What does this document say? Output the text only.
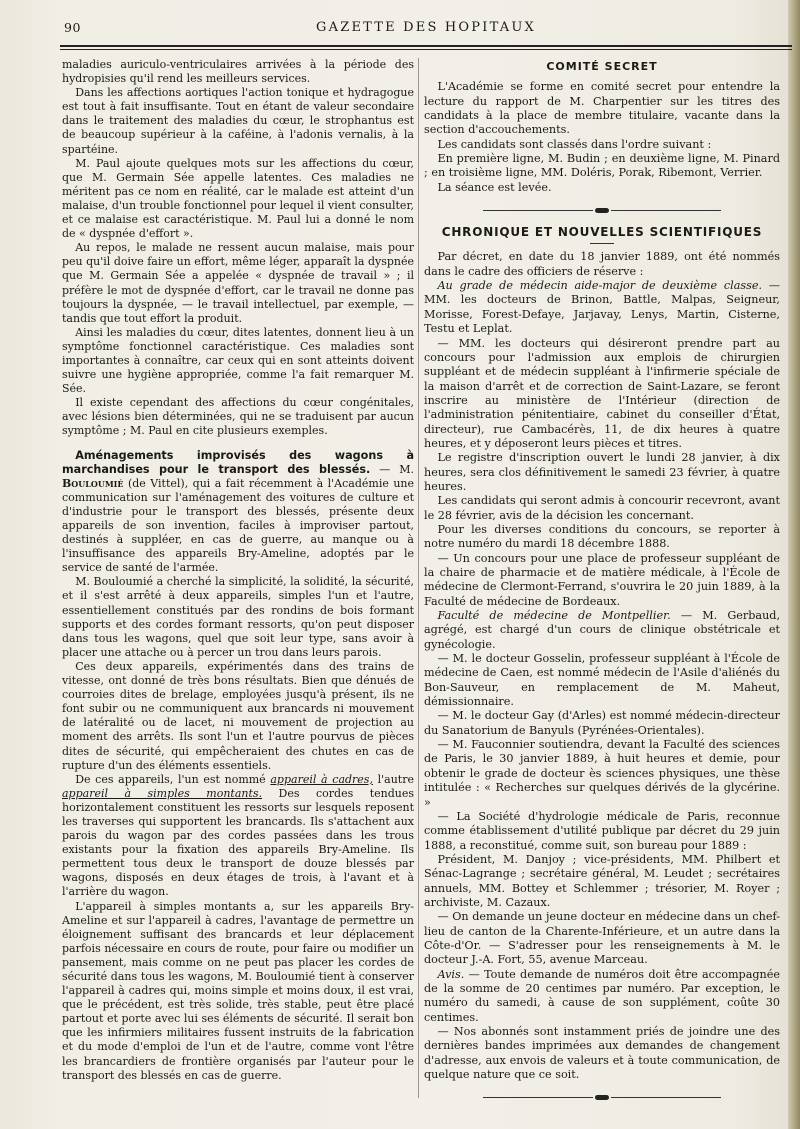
90	GAZETTE DES HOPITAUX

maladies auriculo-ventriculaires arrivées à la période des hydropisies qu'il rend les meilleurs services.

Dans les affections aortiques l'action tonique et hydragogue est tout à fait insuffisante. Tout en étant de valeur secondaire dans le traitement des maladies du cœur, le strophantus est de beaucoup supérieur à la caféine, à l'adonis vernalis, à la spartéine.

M. Paul ajoute quelques mots sur les affections du cœur, que M. Germain Sée appelle latentes. Ces maladies ne méritent pas ce nom en réalité, car le malade est atteint d'un malaise, d'un trouble fonctionnel pour lequel il vient consulter, et ce malaise est caractéristique. M. Paul lui a donné le nom de « dyspnée d'effort ».

Au repos, le malade ne ressent aucun malaise, mais pour peu qu'il doive faire un effort, même léger, apparaît la dyspnée que M. Germain Sée a appelée « dyspnée de travail » ; il préfère le mot de dyspnée d'effort, car le travail ne donne pas toujours la dyspnée, — le travail intellectuel, par exemple, — tandis que tout effort la produit.

Ainsi les maladies du cœur, dites latentes, donnent lieu à un symptôme fonctionnel caractéristique. Ces maladies sont importantes à connaître, car ceux qui en sont atteints doivent suivre une hygiène appropriée, comme l'a fait remarquer M. Sée.

Il existe cependant des affections du cœur congénitales, avec lésions bien déterminées, qui ne se traduisent par aucun symptôme ; M. Paul en cite plusieurs exemples.

Aménagements improvisés des wagons à marchandises pour le transport des blessés. — M. Bouloumié (de Vittel), qui a fait récemment à l'Académie une communication sur l'aménagement des voitures de culture et d'industrie pour le transport des blessés, présente deux appareils de son invention, faciles à improviser partout, destinés à suppléer, en cas de guerre, au manque ou à l'insuffisance des appareils Bry-Ameline, adoptés par le service de santé de l'armée.

M. Bouloumié a cherché la simplicité, la solidité, la sécurité, et il s'est arrêté à deux appareils, simples l'un et l'autre, essentiellement constitués par des rondins de bois formant supports et des cordes formant ressorts, qu'on peut disposer dans tous les wagons, quel que soit leur type, sans avoir à placer une attache ou à percer un trou dans leurs parois.

Ces deux appareils, expérimentés dans des trains de vitesse, ont donné de très bons résultats. Bien que dénués de courroies dites de brelage, employées jusqu'à présent, ils ne font subir ou ne communiquent aux brancards ni mouvement de latéralité ou de lacet, ni mouvement de projection au moment des arrêts. Ils sont l'un et l'autre pourvus de pièces dites de sécurité, qui empêcheraient des chutes en cas de rupture d'un des éléments essentiels.

De ces appareils, l'un est nommé appareil à cadres, l'autre appareil à simples montants. Des cordes tendues horizontalement constituent les ressorts sur lesquels reposent les traverses qui supportent les brancards. Ils s'attachent aux parois du wagon par des cordes passées dans les trous existants pour la fixation des appareils Bry-Ameline. Ils permettent tous deux le transport de douze blessés par wagons, disposés en deux étages de trois, à l'avant et à l'arrière du wagon.

L'appareil à simples montants a, sur les appareils Bry-Ameline et sur l'appareil à cadres, l'avantage de permettre un éloignement suffisant des brancards et leur déplacement parfois nécessaire en cours de route, pour faire ou modifier un pansement, mais comme on ne peut pas placer les cordes de sécurité dans tous les wagons, M. Bouloumié tient à conserver l'appareil à cadres qui, moins simple et moins doux, il est vrai, que le précédent, est très solide, très stable, peut être placé partout et porte avec lui ses éléments de sécurité. Il serait bon que les infirmiers militaires fussent instruits de la fabrication et du mode d'emploi de l'un et de l'autre, comme vont l'être les brancardiers de frontière organisés par l'auteur pour le transport des blessés en cas de guerre.

COMITÉ SECRET

L'Académie se forme en comité secret pour entendre la lecture du rapport de M. Charpentier sur les titres des candidats à la place de membre titulaire, vacante dans la section d'accouchements.

Les candidats sont classés dans l'ordre suivant :

En première ligne, M. Budin ; en deuxième ligne, M. Pinard ; en troisième ligne, MM. Doléris, Porak, Ribemont, Verrier.

La séance est levée.

CHRONIQUE ET NOUVELLES SCIENTIFIQUES

Par décret, en date du 18 janvier 1889, ont été nommés dans le cadre des officiers de réserve :

Au grade de médecin aide-major de deuxième classe. — MM. les docteurs de Brinon, Battle, Malpas, Seigneur, Morisse, Forest-Defaye, Jarjavay, Lenys, Martin, Cisterne, Testu et Leplat.

— MM. les docteurs qui désireront prendre part au concours pour l'admission aux emplois de chirurgien suppléant et de médecin suppléant à l'infirmerie spéciale de la maison d'arrêt et de correction de Saint-Lazare, se feront inscrire au ministère de l'Intérieur (direction de l'administration pénitentiaire, cabinet du conseiller d'État, directeur), rue Cambacérès, 11, de dix heures à quatre heures, et y déposeront leurs pièces et titres.

Le registre d'inscription ouvert le lundi 28 janvier, à dix heures, sera clos définitivement le samedi 23 février, à quatre heures.

Les candidats qui seront admis à concourir recevront, avant le 28 février, avis de la décision les concernant.

Pour les diverses conditions du concours, se reporter à notre numéro du mardi 18 décembre 1888.

— Un concours pour une place de professeur suppléant de la chaire de pharmacie et de matière médicale, à l'École de médecine de Clermont-Ferrand, s'ouvrira le 20 juin 1889, à la Faculté de médecine de Bordeaux.

Faculté de médecine de Montpellier. — M. Gerbaud, agrégé, est chargé d'un cours de clinique obstétricale et gynécologie.

— M. le docteur Gosselin, professeur suppléant à l'École de médecine de Caen, est nommé médecin de l'Asile d'aliénés du Bon-Sauveur, en remplacement de M. Maheut, démissionnaire.

— M. le docteur Gay (d'Arles) est nommé médecin-directeur du Sanatorium de Banyuls (Pyrénées-Orientales).

— M. Fauconnier soutiendra, devant la Faculté des sciences de Paris, le 30 janvier 1889, à huit heures et demie, pour obtenir le grade de docteur ès sciences physiques, une thèse intitulée : « Recherches sur quelques dérivés de la glycérine. »

— La Société d'hydrologie médicale de Paris, reconnue comme établissement d'utilité publique par décret du 29 juin 1888, a reconstitué, comme suit, son bureau pour 1889 :

Président, M. Danjoy ; vice-présidents, MM. Philbert et Sénac-Lagrange ; secrétaire général, M. Leudet ; secrétaires annuels, MM. Bottey et Schlemmer ; trésorier, M. Royer ; archiviste, M. Cazaux.

— On demande un jeune docteur en médecine dans un chef-lieu de canton de la Charente-Inférieure, et un autre dans la Côte-d'Or. — S'adresser pour les renseignements à M. le docteur J.-A. Fort, 55, avenue Marceau.

Avis. — Toute demande de numéros doit être accompagnée de la somme de 20 centimes par numéro. Par exception, le numéro du samedi, à cause de son supplément, coûte 30 centimes.

— Nos abonnés sont instamment priés de joindre une des dernières bandes imprimées aux demandes de changement d'adresse, aux envois de valeurs et à toute communication, de quelque nature que ce soit.
